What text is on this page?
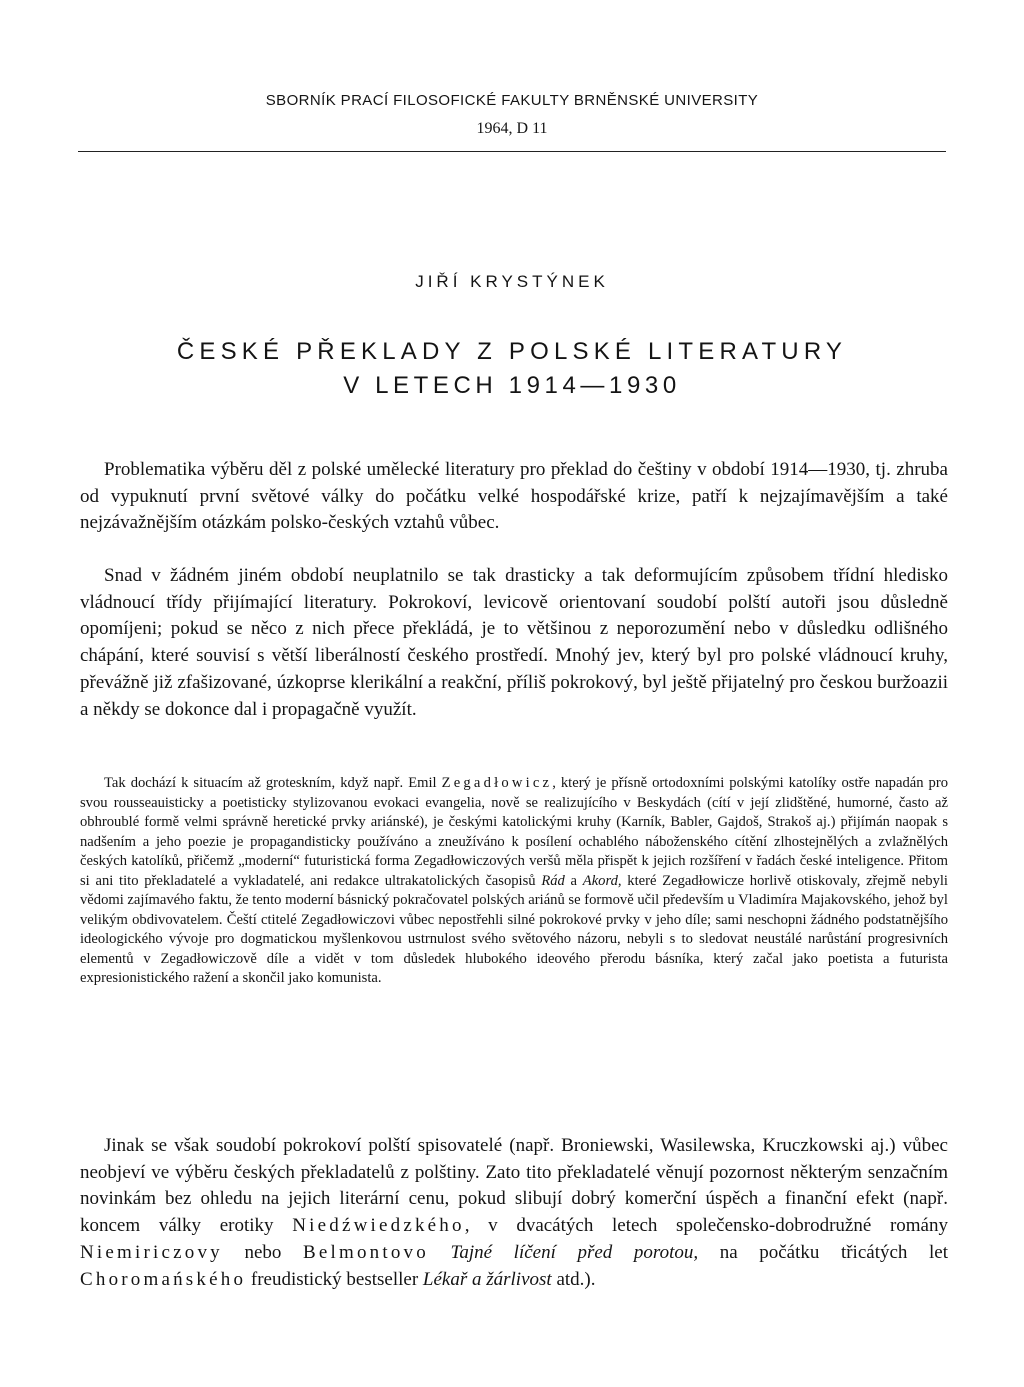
SBORNÍK PRACÍ FILOSOFICKÉ FAKULTY BRNĚNSKÉ UNIVERSITY
1964, D 11
JIŘÍ KRYSTÝNEK
ČESKÉ PŘEKLADY Z POLSKÉ LITERATURY
V LETECH 1914—1930

Problematika výběru děl z polské umělecké literatury pro překlad do češtiny v období 1914—1930, tj. zhruba od vypuknutí první světové války do počátku velké hospodářské krize, patří k nejzajímavějším a také nejzávažnějším otázkám polsko-českých vztahů vůbec.

Snad v žádném jiném období neuplatnilo se tak drasticky a tak deformujícím způsobem třídní hledisko vládnoucí třídy přijímající literatury. Pokrokoví, levicově orientovaní soudobí polští autoři jsou důsledně opomíjeni; pokud se něco z nich přece překládá, je to většinou z neporozumění nebo v důsledku odlišného chápání, které souvisí s větší liberálností českého prostředí. Mnohý jev, který byl pro polské vládnoucí kruhy, převážně již zfašizované, úzkoprse klerikální a reakční, příliš pokrokový, byl ještě přijatelný pro českou buržoazii a někdy se dokonce dal i propagačně využít.

Tak dochází k situacím až groteskním, když např. Emil Zegadłowicz, který je přísně ortodoxními polskými katolíky ostře napadán pro svou rousseauisticky a poetisticky stylizovanou evokaci evangelia, nově se realizujícího v Beskydách (cítí v její zlidštěné, humorné, často až obhroublé formě velmi správně heretické prvky ariánské), je českými katolickými kruhy (Karník, Babler, Gajdoš, Strakoš aj.) přijímán naopak s nadšením a jeho poezie je propagandisticky používáno a zneužíváno k posílení ochablého náboženského cítění zlhostejnělých a zvlažnělých českých katolíků, přičemž „moderní“ futuristická forma Zegadłowiczových veršů měla přispět k jejich rozšíření v řadách české inteligence. Přitom si ani tito překladatelé a vykladatelé, ani redakce ultrakatolických časopisů Rád a Akord, které Zegadłowicze horlivě otiskovaly, zřejmě nebyli vědomi zajímavého faktu, že tento moderní básnický pokračovatel polských ariánů se formově učil především u Vladimíra Majakovského, jehož byl velikým obdivovatelem. Čeští ctitelé Zegadłowiczovi vůbec nepostřehli silné pokrokové prvky v jeho díle; sami neschopni žádného podstatnějšího ideologického vývoje pro dogmatickou myšlenkovou ustrnulost svého světového názoru, nebyli s to sledovat neustálé narůstání progresivních elementů v Zegadłowiczově díle a vidět v tom důsledek hlubokého ideového přerodu básníka, který začal jako poetista a futurista expresionistického ražení a skončil jako komunista.

Jinak se však soudobí pokrokoví polští spisovatelé (např. Broniewski, Wasilewska, Kruczkowski aj.) vůbec neobjeví ve výběru českých překladatelů z polštiny. Zato tito překladatelé věnují pozornost některým senzačním novinkám bez ohledu na jejich literární cenu, pokud slibují dobrý komerční úspěch a finanční efekt (např. koncem války erotiky Niedźwiedzkého, v dvacátých letech společensko-dobrodružné romány Niemiriczovy nebo Belmontovo Tajné líčení před porotou, na počátku třicátých let Choromańského freudistický bestseller Lékař a žárlivost atd.).
